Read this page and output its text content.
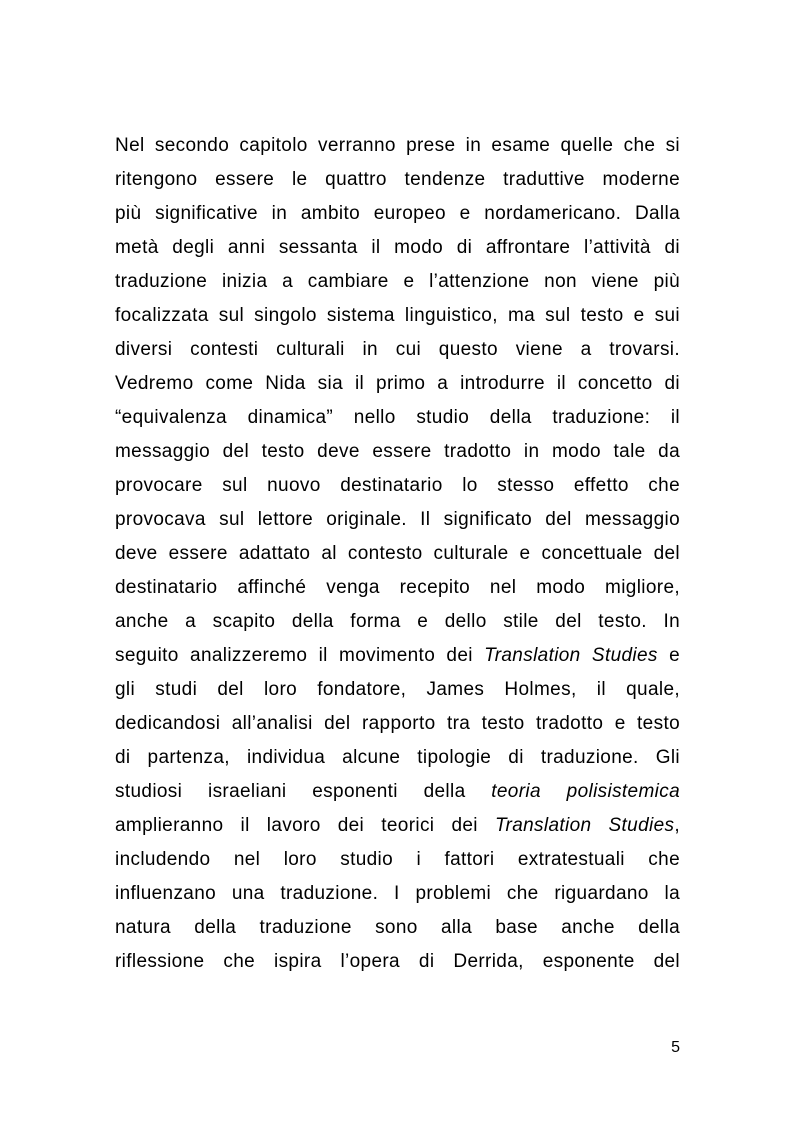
Nel secondo capitolo verranno prese in esame quelle che si
ritengono essere le quattro tendenze traduttive moderne
più significative in ambito europeo e nordamericano. Dalla
metà degli anni sessanta il modo di affrontare l’attività di
traduzione inizia a cambiare e l’attenzione non viene più
focalizzata sul singolo sistema linguistico, ma sul testo e sui
diversi contesti culturali in cui questo viene a trovarsi.
Vedremo come Nida sia il primo a introdurre il concetto di
“equivalenza dinamica” nello studio della traduzione: il
messaggio del testo deve essere tradotto in modo tale da
provocare sul nuovo destinatario lo stesso effetto che
provocava sul lettore originale. Il significato del messaggio
deve essere adattato al contesto culturale e concettuale del
destinatario affinché venga recepito nel modo migliore,
anche a scapito della forma e dello stile del testo. In
seguito analizzeremo il movimento dei Translation Studies e
gli studi del loro fondatore, James Holmes, il quale,
dedicandosi all’analisi del rapporto tra testo tradotto e testo
di partenza, individua alcune tipologie di traduzione. Gli
studiosi israeliani esponenti della teoria polisistemica
amplieranno il lavoro dei teorici dei Translation Studies,
includendo nel loro studio i fattori extratestuali che
influenzano una traduzione. I problemi che riguardano la
natura della traduzione sono alla base anche della
riflessione che ispira l’opera di Derrida, esponente del
5
